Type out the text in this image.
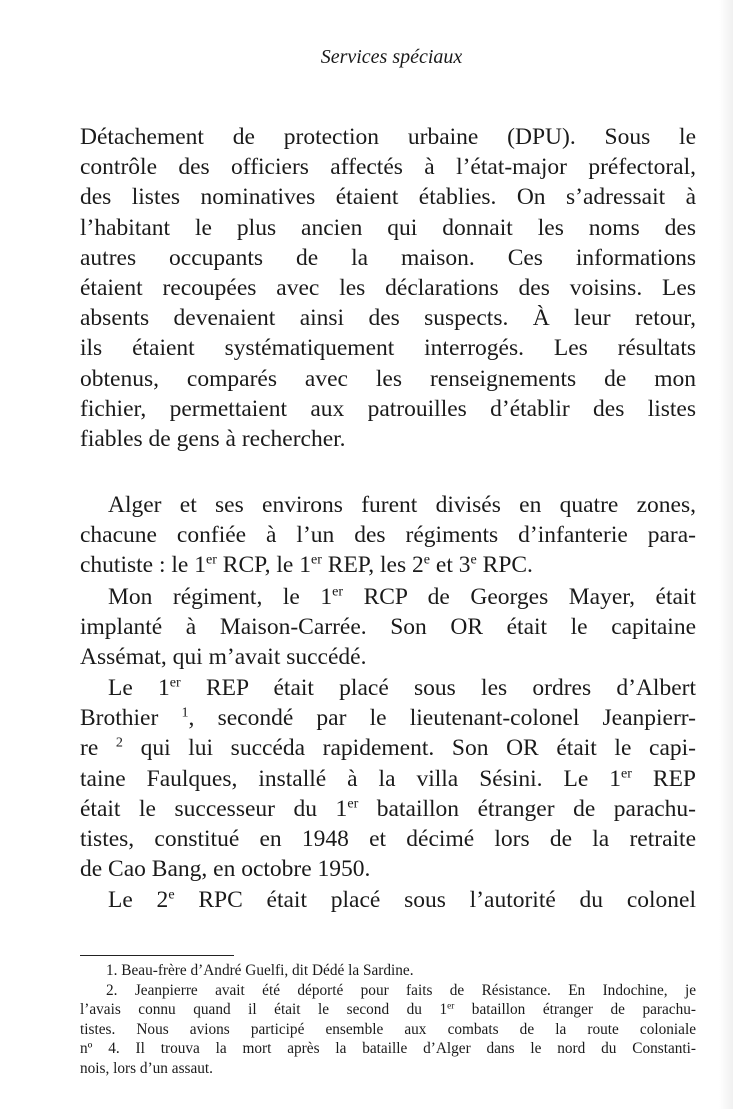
Services spéciaux
Détachement de protection urbaine (DPU). Sous le
contrôle des officiers affectés à l’état-major préfectoral,
des listes nominatives étaient établies. On s’adressait à
l’habitant le plus ancien qui donnait les noms des
autres occupants de la maison. Ces informations
étaient recoupées avec les déclarations des voisins. Les
absents devenaient ainsi des suspects. À leur retour,
ils étaient systématiquement interrogés. Les résultats
obtenus, comparés avec les renseignements de mon
fichier, permettaient aux patrouilles d’établir des listes
fiables de gens à rechercher.
Alger et ses environs furent divisés en quatre zones,
chacune confiée à l’un des régiments d’infanterie para-
chutiste : le 1er RCP, le 1er REP, les 2e et 3e RPC.
Mon régiment, le 1er RCP de Georges Mayer, était
implanté à Maison-Carrée. Son OR était le capitaine
Assémat, qui m’avait succédé.
Le 1er REP était placé sous les ordres d’Albert
Brothier $^1$, secondé par le lieutenant-colonel Jeanpierr-
re $^2$ qui lui succéda rapidement. Son OR était le capi-
taine Faulques, installé à la villa Sésini. Le 1er REP
était le successeur du 1er bataillon étranger de parachu-
tistes, constitué en 1948 et décimé lors de la retraite
de Cao Bang, en octobre 1950.
Le 2e RPC était placé sous l’autorité du colonel
1. Beau-frère d’André Guelfi, dit Dédé la Sardine.
2. Jeanpierre avait été déporté pour faits de Résistance. En Indochine, je
l’avais connu quand il était le second du 1er bataillon étranger de parachu-
tistes. Nous avions participé ensemble aux combats de la route coloniale
nº 4. Il trouva la mort après la bataille d’Alger dans le nord du Constanti-
nois, lors d’un assaut.
